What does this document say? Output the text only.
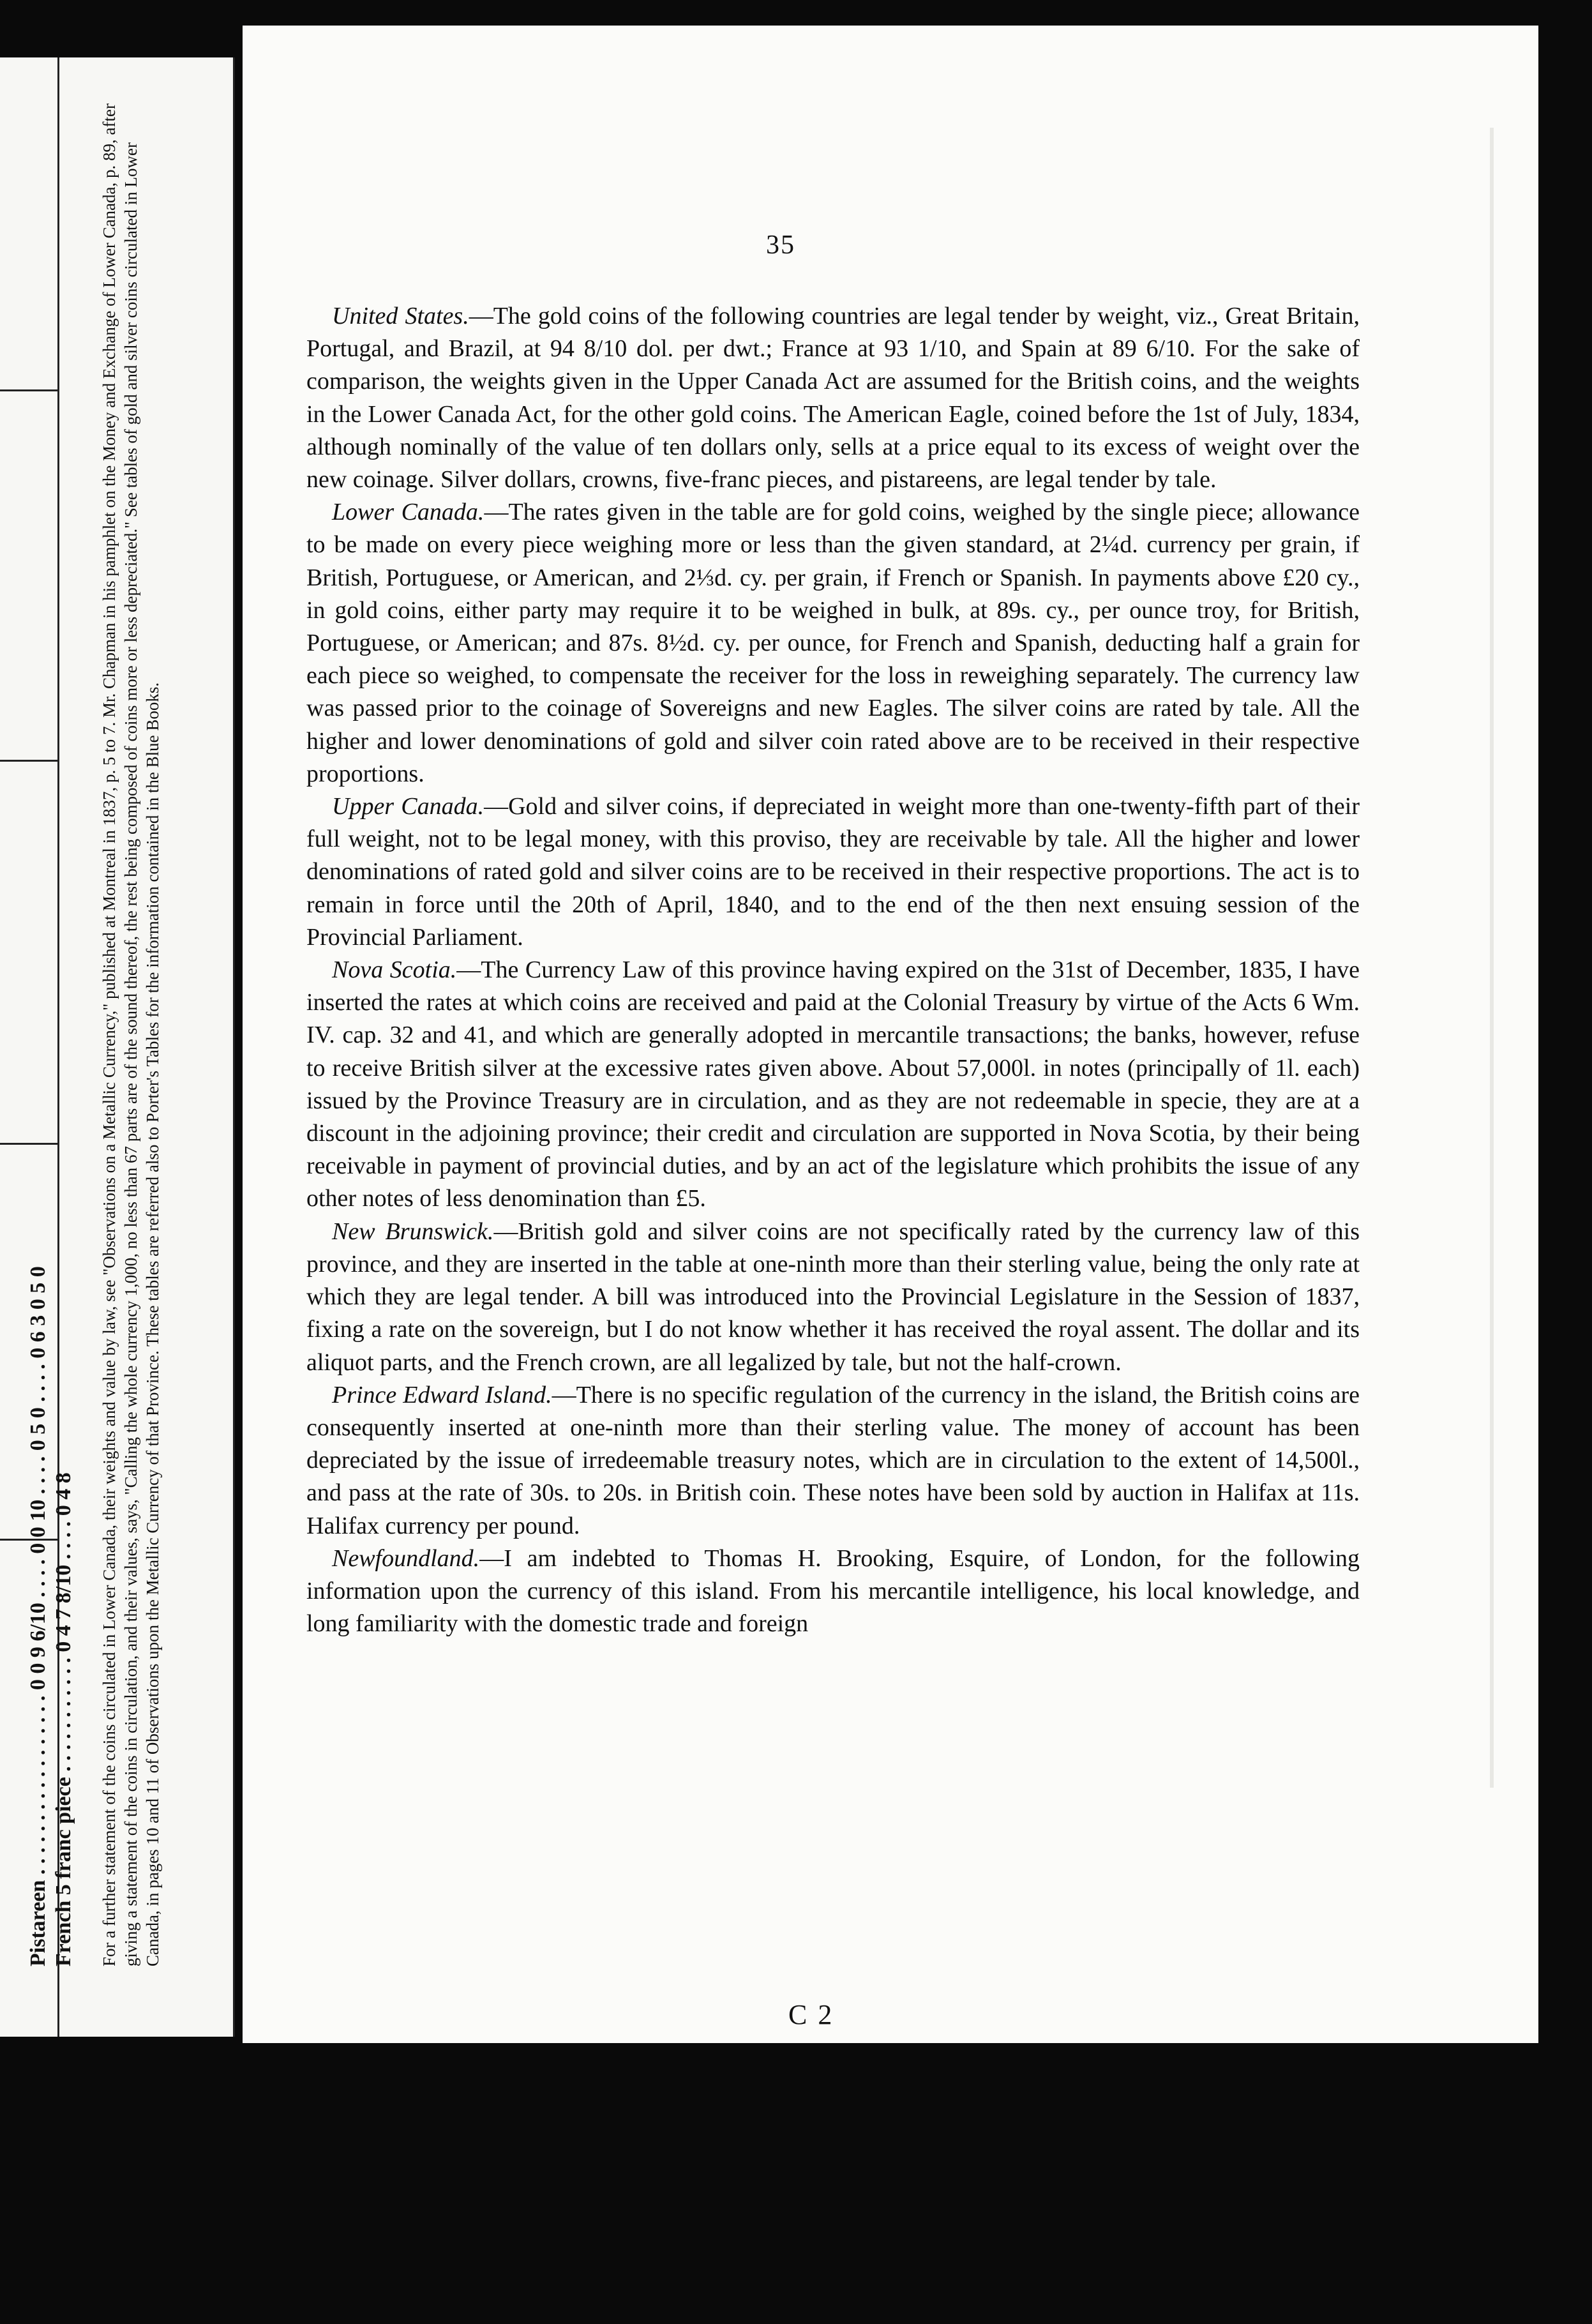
Pistareen . . . . . . . . . . . . . . . . . 0 0 9 6/10 . . . . 0 0 10 . . . . 0 5 0 . . . . 0 6 3 0 5 0 French 5 franc piece . . . . . . . . . . . 0 4 7 8/10 . . . . 0 4 8 For a further statement of the coins circulated in Lower Canada, their weights and value by law, see "Observations on a Metallic Currency," published at Montreal in 1837, p. 5 to 7. Mr. Chapman in his pamphlet on the Money and Exchange of Lower Canada, p. 89, after giving a statement of the coins in circulation, and their values, says, "Calling the whole currency 1,000, no less than 67 parts are of the sound thereof, the rest being composed of coins more or less depreciated." See tables of gold and silver coins circulated in Lower Canada, in pages 10 and 11 of Observations upon the Metallic Currency of that Province. These tables are referred also to Porter's Tables for the information contained in the Blue Books.
35

United States.—The gold coins of the following countries are legal tender by weight, viz., Great Britain, Portugal, and Brazil, at 94 8/10 dol. per dwt.; France at 93 1/10, and Spain at 89 6/10. For the sake of comparison, the weights given in the Upper Canada Act are assumed for the British coins, and the weights in the Lower Canada Act, for the other gold coins. The American Eagle, coined before the 1st of July, 1834, although nominally of the value of ten dollars only, sells at a price equal to its excess of weight over the new coinage. Silver dollars, crowns, five-franc pieces, and pistareens, are legal tender by tale.

Lower Canada.—The rates given in the table are for gold coins, weighed by the single piece; allowance to be made on every piece weighing more or less than the given standard, at 2¼d. currency per grain, if British, Portuguese, or American, and 2⅓d. cy. per grain, if French or Spanish. In payments above £20 cy., in gold coins, either party may require it to be weighed in bulk, at 89s. cy., per ounce troy, for British, Portuguese, or American; and 87s. 8½d. cy. per ounce, for French and Spanish, deducting half a grain for each piece so weighed, to compensate the receiver for the loss in reweighing separately. The currency law was passed prior to the coinage of Sovereigns and new Eagles. The silver coins are rated by tale. All the higher and lower denominations of gold and silver coin rated above are to be received in their respective proportions.

Upper Canada.—Gold and silver coins, if depreciated in weight more than one-twenty-fifth part of their full weight, not to be legal money, with this proviso, they are receivable by tale. All the higher and lower denominations of rated gold and silver coins are to be received in their respective proportions. The act is to remain in force until the 20th of April, 1840, and to the end of the then next ensuing session of the Provincial Parliament.

Nova Scotia.—The Currency Law of this province having expired on the 31st of December, 1835, I have inserted the rates at which coins are received and paid at the Colonial Treasury by virtue of the Acts 6 Wm. IV. cap. 32 and 41, and which are generally adopted in mercantile transactions; the banks, however, refuse to receive British silver at the excessive rates given above. About 57,000l. in notes (principally of 1l. each) issued by the Province Treasury are in circulation, and as they are not redeemable in specie, they are at a discount in the adjoining province; their credit and circulation are supported in Nova Scotia, by their being receivable in payment of provincial duties, and by an act of the legislature which prohibits the issue of any other notes of less denomination than £5.

New Brunswick.—British gold and silver coins are not specifically rated by the currency law of this province, and they are inserted in the table at one-ninth more than their sterling value, being the only rate at which they are legal tender. A bill was introduced into the Provincial Legislature in the Session of 1837, fixing a rate on the sovereign, but I do not know whether it has received the royal assent. The dollar and its aliquot parts, and the French crown, are all legalized by tale, but not the half-crown.

Prince Edward Island.—There is no specific regulation of the currency in the island, the British coins are consequently inserted at one-ninth more than their sterling value. The money of account has been depreciated by the issue of irredeemable treasury notes, which are in circulation to the extent of 14,500l., and pass at the rate of 30s. to 20s. in British coin. These notes have been sold by auction in Halifax at 11s. Halifax currency per pound.

Newfoundland.—I am indebted to Thomas H. Brooking, Esquire, of London, for the following information upon the currency of this island. From his mercantile intelligence, his local knowledge, and long familiarity with the domestic trade and foreign

C 2
